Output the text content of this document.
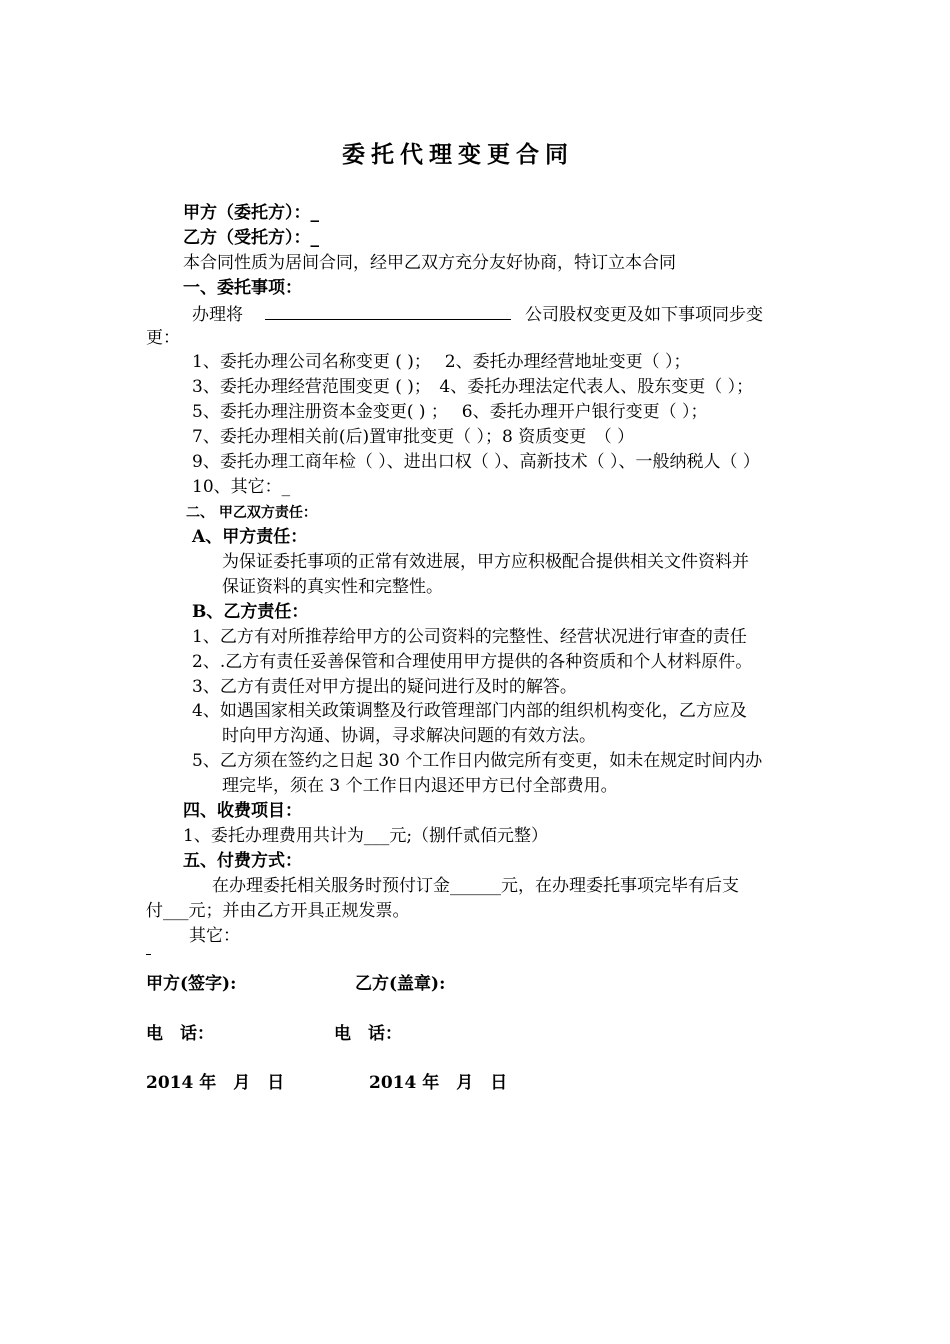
委托代理变更合同
甲方（委托方）：_
乙方（受托方）：_
本合同性质为居间合同，经甲乙双方充分友好协商，特订立本合同
一、委托事项：
办理将	公司股权变更及如下事项同步变
更：
1、委托办理公司名称变更 ( )；　 2、委托办理经营地址变更（ ）；
3、委托办理经营范围变更 ( )；　4、委托办理法定代表人、股东变更（ ）；
5、委托办理注册资本金变更( ) ；　 6、委托办理开户银行变更（ ）；
7、委托办理相关前(后)置审批变更（ ）；8 资质变更　（ ）
9、委托办理工商年检（ ）、进出口权（ ）、高新技术（ ）、一般纳税人（ ）
10、其它：_
二、 甲乙双方责任：
A、甲方责任：
为保证委托事项的正常有效进展，甲方应积极配合提供相关文件资料并
保证资料的真实性和完整性。
B、乙方责任：
1、乙方有对所推荐给甲方的公司资料的完整性、经营状况进行审查的责任
2、.乙方有责任妥善保管和合理使用甲方提供的各种资质和个人材料原件。
3、乙方有责任对甲方提出的疑问进行及时的解答。
4、如遇国家相关政策调整及行政管理部门内部的组织机构变化，乙方应及
时向甲方沟通、协调，寻求解决问题的有效方法。
5、乙方须在签约之日起 30 个工作日内做完所有变更，如未在规定时间内办
理完毕，须在 3 个工作日内退还甲方已付全部费用。
四、收费项目：
1、委托办理费用共计为___元;（捌仟贰佰元整）
五、付费方式：
在办理委托相关服务时预付订金______元，在办理委托事项完毕有后支
付___元；并由乙方开具正规发票。
其它：
甲方(签字):	乙方(盖章):
电　话：	电　话：
2014 年　月　日	2014 年　月　日
